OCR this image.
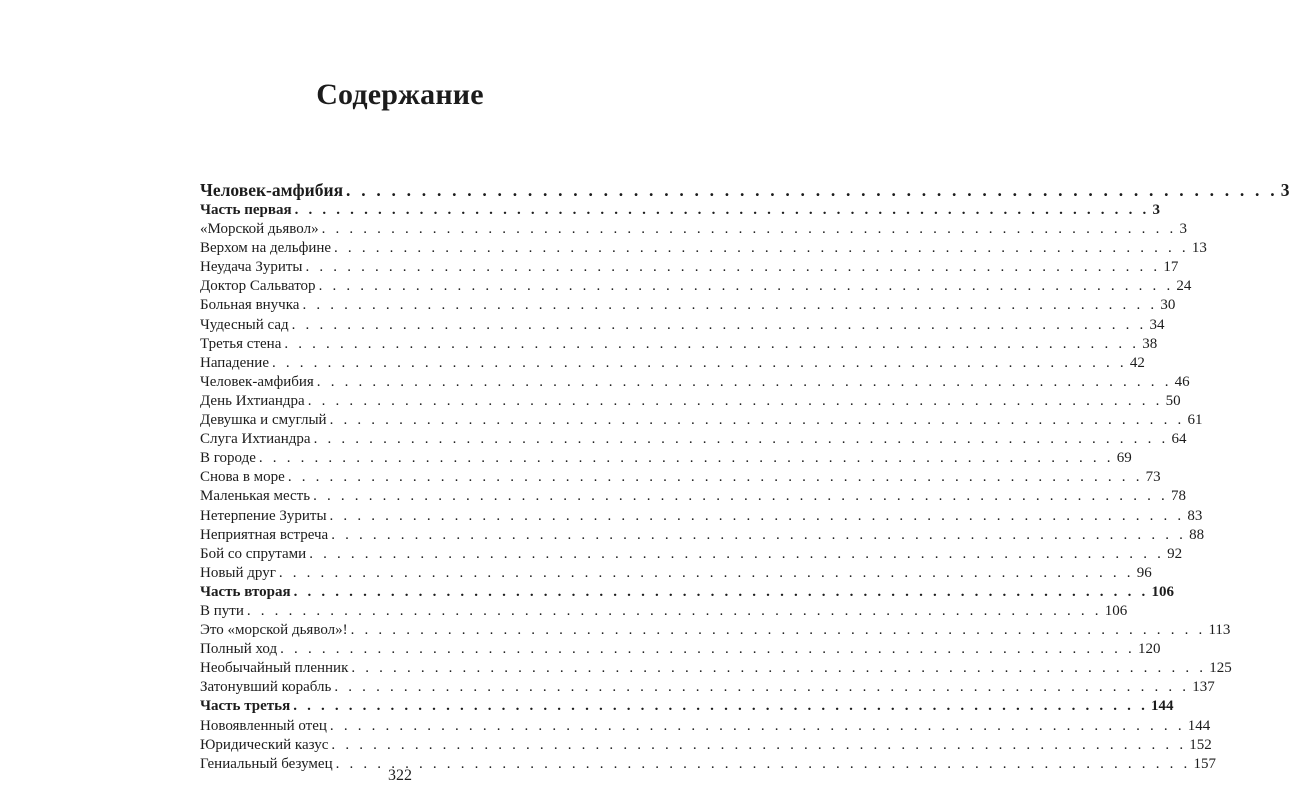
Содержание
Человек-амфибия . . . . . . . . . . . . . . . . . . . . . . . . . . . . . . . . . . . . . . . . . . . . . . . . . . . . . . . . . . . . . . 3
Часть первая . . . . . . . . . . . . . . . . . . . . . . . . . . . . . . . . . . . . . . . . . . . . . . . . . . . . . . . . . . . . . . 3
«Морской дьявол» . . . . . . . . . . . . . . . . . . . . . . . . . . . . . . . . . . . . . . . . . . . . . . . . . . . . . . . . . . . . . . 3
Верхом на дельфине . . . . . . . . . . . . . . . . . . . . . . . . . . . . . . . . . . . . . . . . . . . . . . . . . . . . . . . . . . . . . . 13
Неудача Зуриты . . . . . . . . . . . . . . . . . . . . . . . . . . . . . . . . . . . . . . . . . . . . . . . . . . . . . . . . . . . . . . 17
Доктор Сальватор . . . . . . . . . . . . . . . . . . . . . . . . . . . . . . . . . . . . . . . . . . . . . . . . . . . . . . . . . . . . . . 24
Больная внучка . . . . . . . . . . . . . . . . . . . . . . . . . . . . . . . . . . . . . . . . . . . . . . . . . . . . . . . . . . . . . . 30
Чудесный сад . . . . . . . . . . . . . . . . . . . . . . . . . . . . . . . . . . . . . . . . . . . . . . . . . . . . . . . . . . . . . . 34
Третья стена . . . . . . . . . . . . . . . . . . . . . . . . . . . . . . . . . . . . . . . . . . . . . . . . . . . . . . . . . . . . . . 38
Нападение . . . . . . . . . . . . . . . . . . . . . . . . . . . . . . . . . . . . . . . . . . . . . . . . . . . . . . . . . . . . . . 42
Человек-амфибия . . . . . . . . . . . . . . . . . . . . . . . . . . . . . . . . . . . . . . . . . . . . . . . . . . . . . . . . . . . . . . 46
День Ихтиандра . . . . . . . . . . . . . . . . . . . . . . . . . . . . . . . . . . . . . . . . . . . . . . . . . . . . . . . . . . . . . . 50
Девушка и смуглый . . . . . . . . . . . . . . . . . . . . . . . . . . . . . . . . . . . . . . . . . . . . . . . . . . . . . . . . . . . . . . 61
Слуга Ихтиандра . . . . . . . . . . . . . . . . . . . . . . . . . . . . . . . . . . . . . . . . . . . . . . . . . . . . . . . . . . . . . . 64
В городе . . . . . . . . . . . . . . . . . . . . . . . . . . . . . . . . . . . . . . . . . . . . . . . . . . . . . . . . . . . . . . 69
Снова в море . . . . . . . . . . . . . . . . . . . . . . . . . . . . . . . . . . . . . . . . . . . . . . . . . . . . . . . . . . . . . . 73
Маленькая месть . . . . . . . . . . . . . . . . . . . . . . . . . . . . . . . . . . . . . . . . . . . . . . . . . . . . . . . . . . . . . . 78
Нетерпение Зуриты . . . . . . . . . . . . . . . . . . . . . . . . . . . . . . . . . . . . . . . . . . . . . . . . . . . . . . . . . . . . . . 83
Неприятная встреча . . . . . . . . . . . . . . . . . . . . . . . . . . . . . . . . . . . . . . . . . . . . . . . . . . . . . . . . . . . . . . 88
Бой со спрутами . . . . . . . . . . . . . . . . . . . . . . . . . . . . . . . . . . . . . . . . . . . . . . . . . . . . . . . . . . . . . . 92
Новый друг . . . . . . . . . . . . . . . . . . . . . . . . . . . . . . . . . . . . . . . . . . . . . . . . . . . . . . . . . . . . . . 96
Часть вторая . . . . . . . . . . . . . . . . . . . . . . . . . . . . . . . . . . . . . . . . . . . . . . . . . . . . . . . . . . . . . . 106
В пути . . . . . . . . . . . . . . . . . . . . . . . . . . . . . . . . . . . . . . . . . . . . . . . . . . . . . . . . . . . . . . 106
Это «морской дьявол»! . . . . . . . . . . . . . . . . . . . . . . . . . . . . . . . . . . . . . . . . . . . . . . . . . . . . . . . . . . . . . . 113
Полный ход . . . . . . . . . . . . . . . . . . . . . . . . . . . . . . . . . . . . . . . . . . . . . . . . . . . . . . . . . . . . . . 120
Необычайный пленник . . . . . . . . . . . . . . . . . . . . . . . . . . . . . . . . . . . . . . . . . . . . . . . . . . . . . . . . . . . . . . 125
Затонувший корабль . . . . . . . . . . . . . . . . . . . . . . . . . . . . . . . . . . . . . . . . . . . . . . . . . . . . . . . . . . . . . . 137
Часть третья . . . . . . . . . . . . . . . . . . . . . . . . . . . . . . . . . . . . . . . . . . . . . . . . . . . . . . . . . . . . . . 144
Новоявленный отец . . . . . . . . . . . . . . . . . . . . . . . . . . . . . . . . . . . . . . . . . . . . . . . . . . . . . . . . . . . . . . 144
Юридический казус . . . . . . . . . . . . . . . . . . . . . . . . . . . . . . . . . . . . . . . . . . . . . . . . . . . . . . . . . . . . . . 152
Гениальный безумец . . . . . . . . . . . . . . . . . . . . . . . . . . . . . . . . . . . . . . . . . . . . . . . . . . . . . . . . . . . . . . 157
322
